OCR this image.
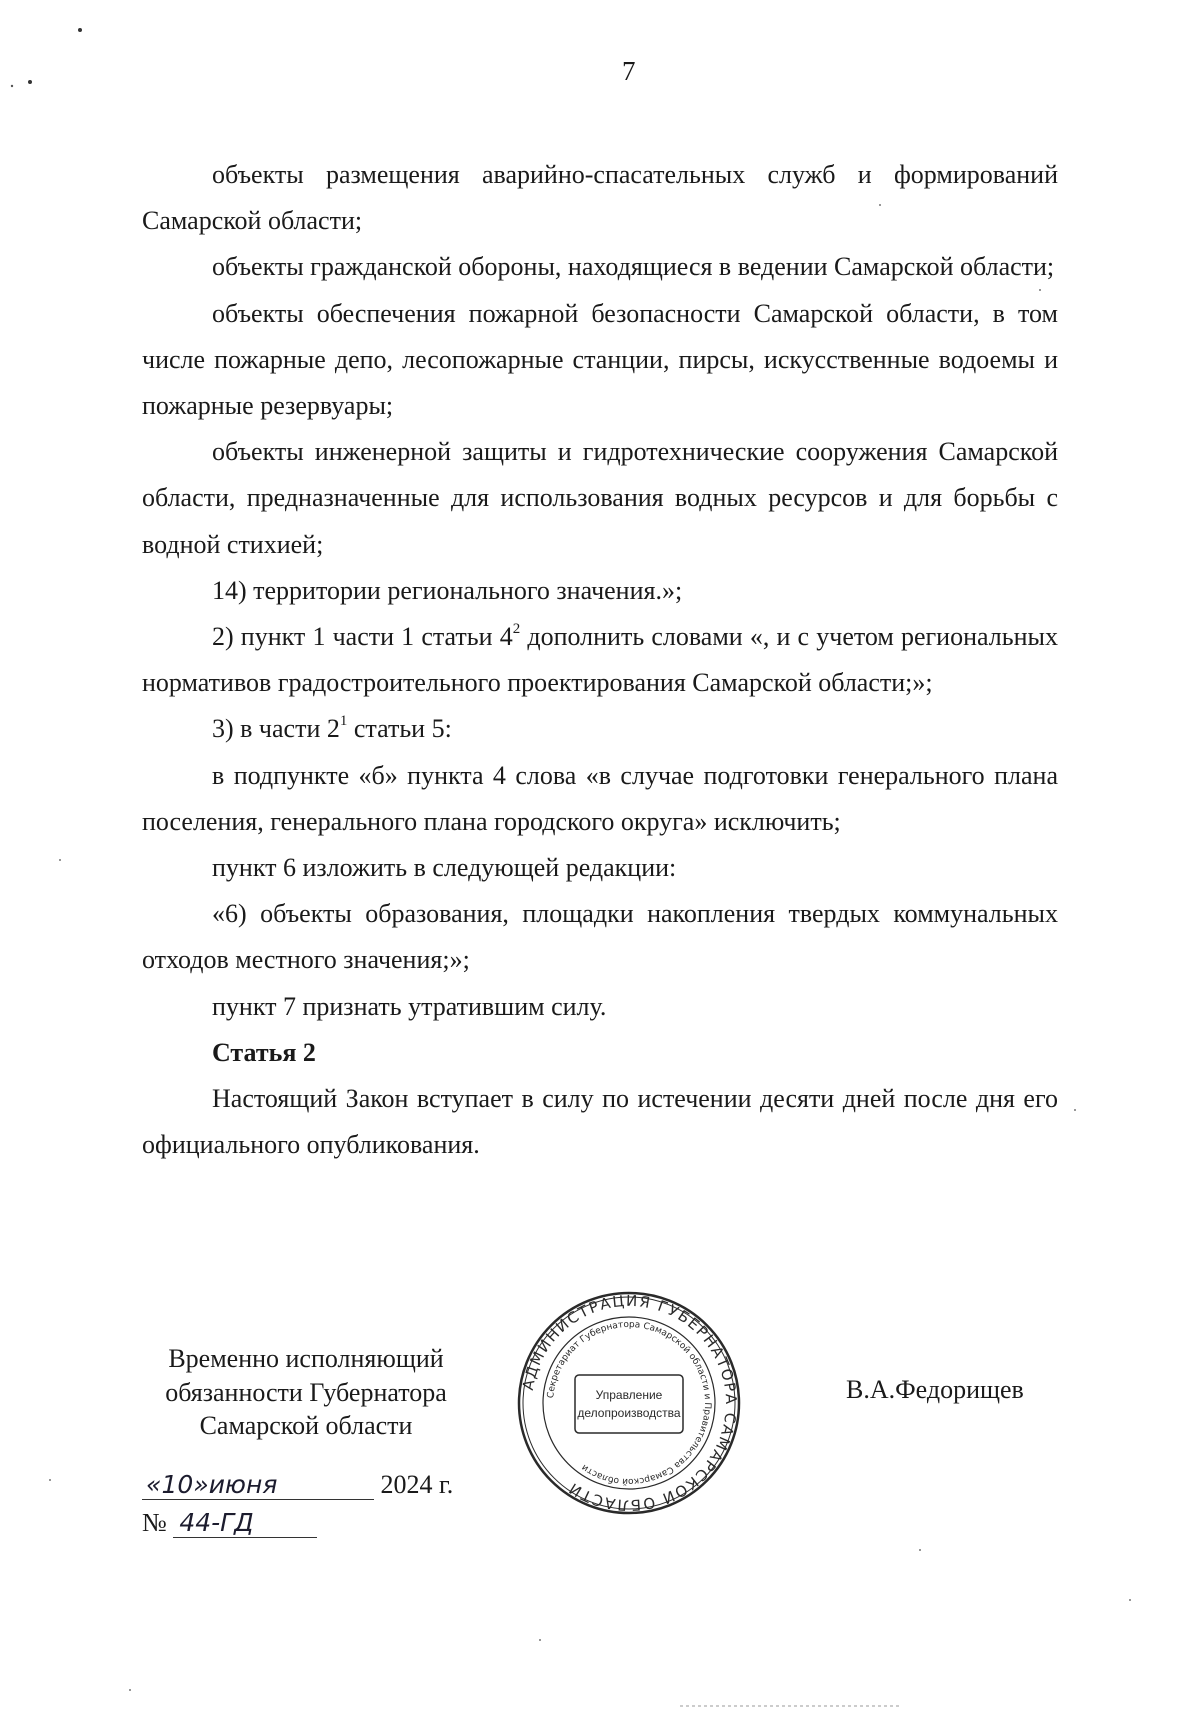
7

объекты размещения аварийно-спасательных служб и формирований Самарской области;

объекты гражданской обороны, находящиеся в ведении Самарской области;

объекты обеспечения пожарной безопасности Самарской области, в том числе пожарные депо, лесопожарные станции, пирсы, искусственные водоемы и пожарные резервуары;

объекты инженерной защиты и гидротехнические сооружения Самарской области, предназначенные для использования водных ресурсов и для борьбы с водной стихией;

14) территории регионального значения.»;

2) пункт 1 части 1 статьи $4^2$ дополнить словами «, и с учетом региональных нормативов градостроительного проектирования Самарской области;»;

3) в части $2^1$ статьи 5:

в подпункте «б» пункта 4 слова «в случае подготовки генерального плана поселения, генерального плана городского округа» исключить;

пункт 6 изложить в следующей редакции:

«6) объекты образования, площадки накопления твердых коммунальных отходов местного значения;»;

пункт 7 признать утратившим силу.

Статья 2

Настоящий Закон вступает в силу по истечении десяти дней после дня его официального опубликования.

Временно исполняющий
обязанности Губернатора
Самарской области
АДМИНИСТРАЦИЯ ГУБЕРНАТОРА САМАРСКОЙ ОБЛАСТИ
Секретариат Губернатора Самарской области и Правительства Самарской области
Управление
делопроизводства
В.А.Федорищев
«10»июня	2024 г.
№ 44-ГД
